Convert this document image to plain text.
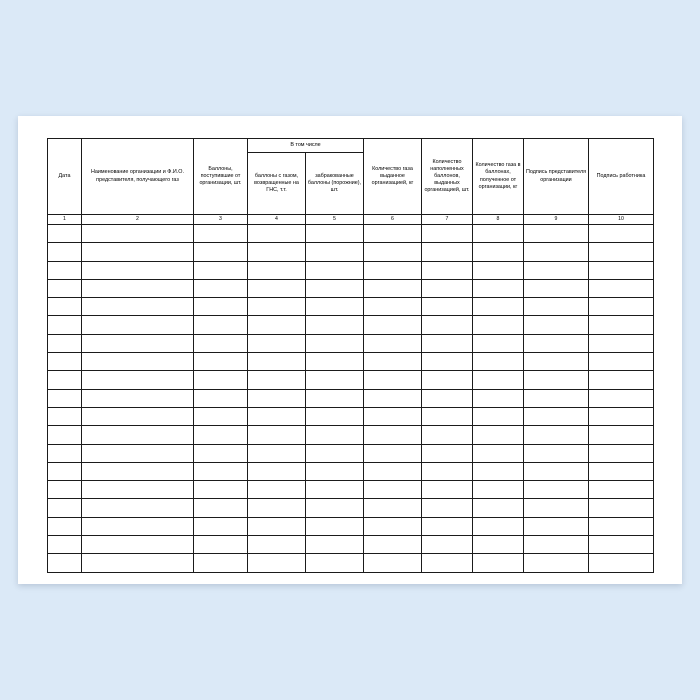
Дата	Наименование организации и Ф.И.О. представителя, получающего газ	Баллоны, поступившие от организации, шт.	В том числе		Количество газа выданное организацией, кг	Количество наполненных баллонов, выданных организацией, шт.	Количество газа в баллонах, полученное от организации, кг	Подпись представителя организации	Подпись работника
			баллоны с газом, возвращенные на ГНС, т.т.	забракованные баллоны (порожние), шт.					
1	2	3	4	5	6	7	8	9	10
